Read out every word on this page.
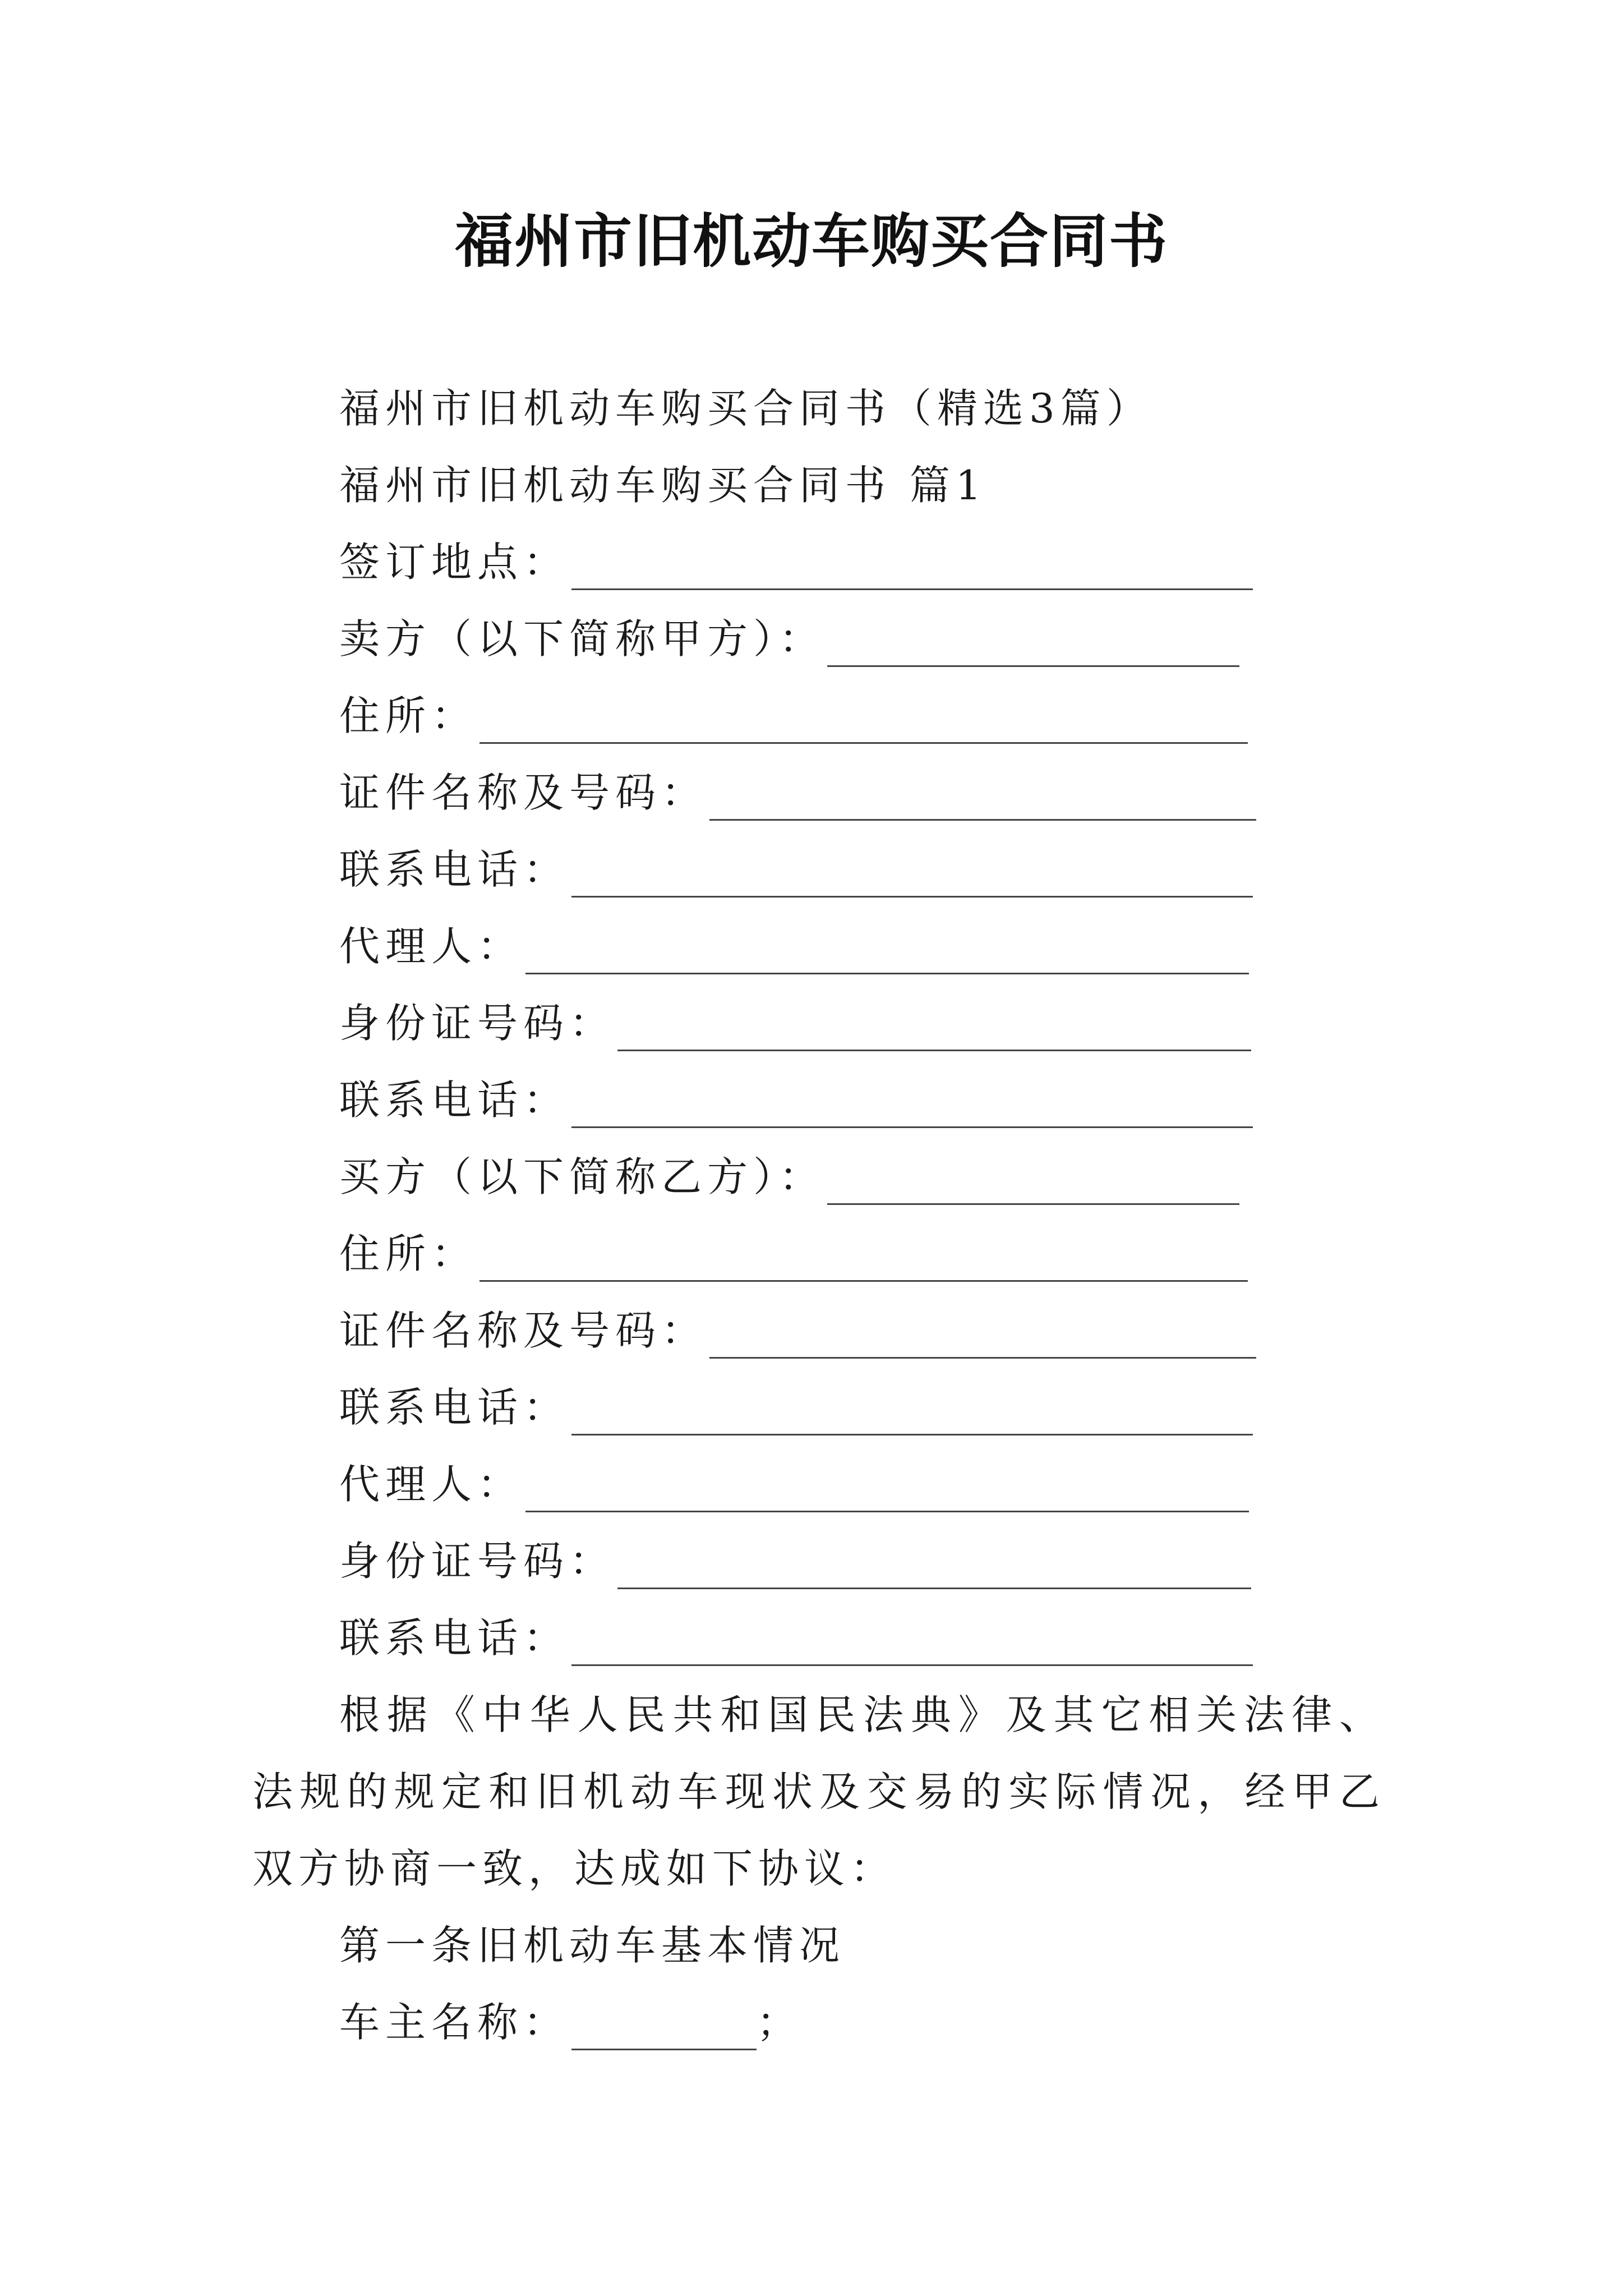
福州市旧机动车购买合同书
福州市旧机动车购买合同书（精选3篇）
福州市旧机动车购买合同书 篇1
签订地点：
卖方（以下简称甲方）：
住所：
证件名称及号码：
联系电话：
代理人：
身份证号码：
联系电话：
买方（以下简称乙方）：
住所：
证件名称及号码：
联系电话：
代理人：
身份证号码：
联系电话：
根据《中华人民共和国民法典》及其它相关法律、法规的规定和旧机动车现状及交易的实际情况，经甲乙双方协商一致，达成如下协议：
第一条旧机动车基本情况
车主名称：	；
